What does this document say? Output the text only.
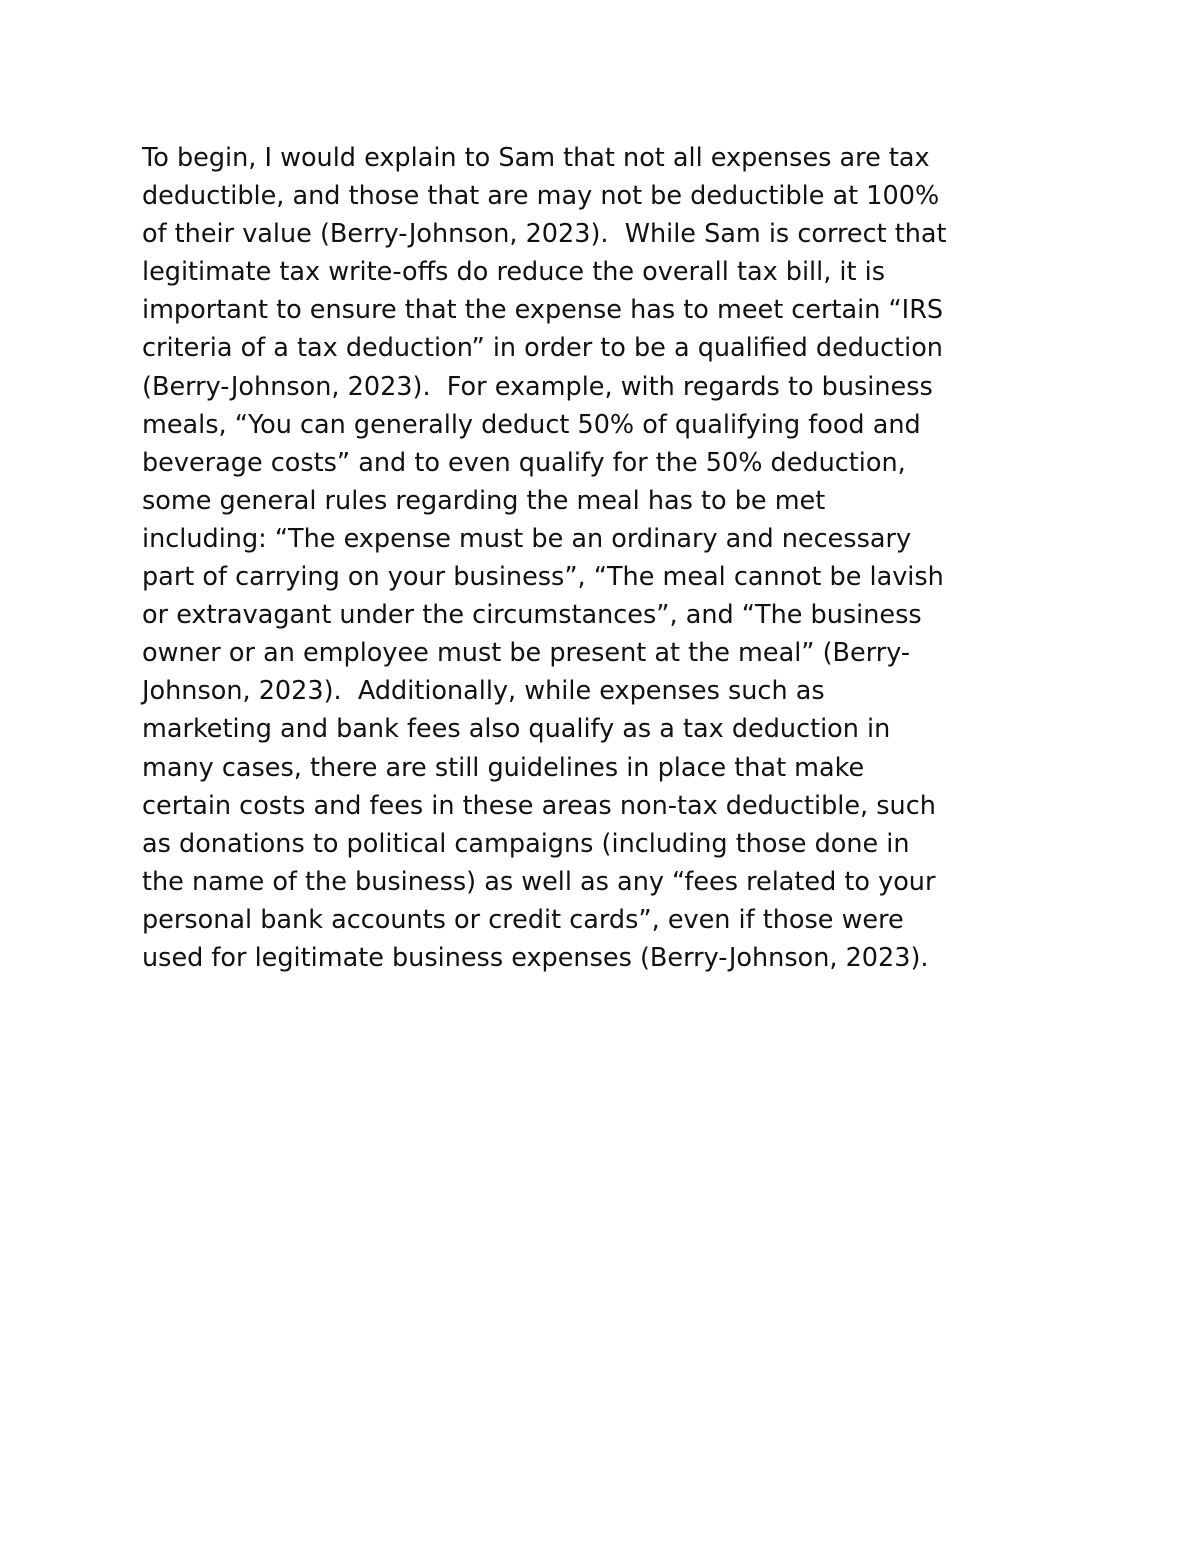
To begin, I would explain to Sam that not all expenses are tax
deductible, and those that are may not be deductible at 100%
of their value (Berry-Johnson, 2023).  While Sam is correct that
legitimate tax write-offs do reduce the overall tax bill, it is
important to ensure that the expense has to meet certain “IRS
criteria of a tax deduction” in order to be a qualified deduction
(Berry-Johnson, 2023).  For example, with regards to business
meals, “You can generally deduct 50% of qualifying food and
beverage costs” and to even qualify for the 50% deduction,
some general rules regarding the meal has to be met
including: “The expense must be an ordinary and necessary
part of carrying on your business”, “The meal cannot be lavish
or extravagant under the circumstances”, and “The business
owner or an employee must be present at the meal” (Berry-
Johnson, 2023).  Additionally, while expenses such as
marketing and bank fees also qualify as a tax deduction in
many cases, there are still guidelines in place that make
certain costs and fees in these areas non-tax deductible, such
as donations to political campaigns (including those done in
the name of the business) as well as any “fees related to your
personal bank accounts or credit cards”, even if those were
used for legitimate business expenses (Berry-Johnson, 2023).
